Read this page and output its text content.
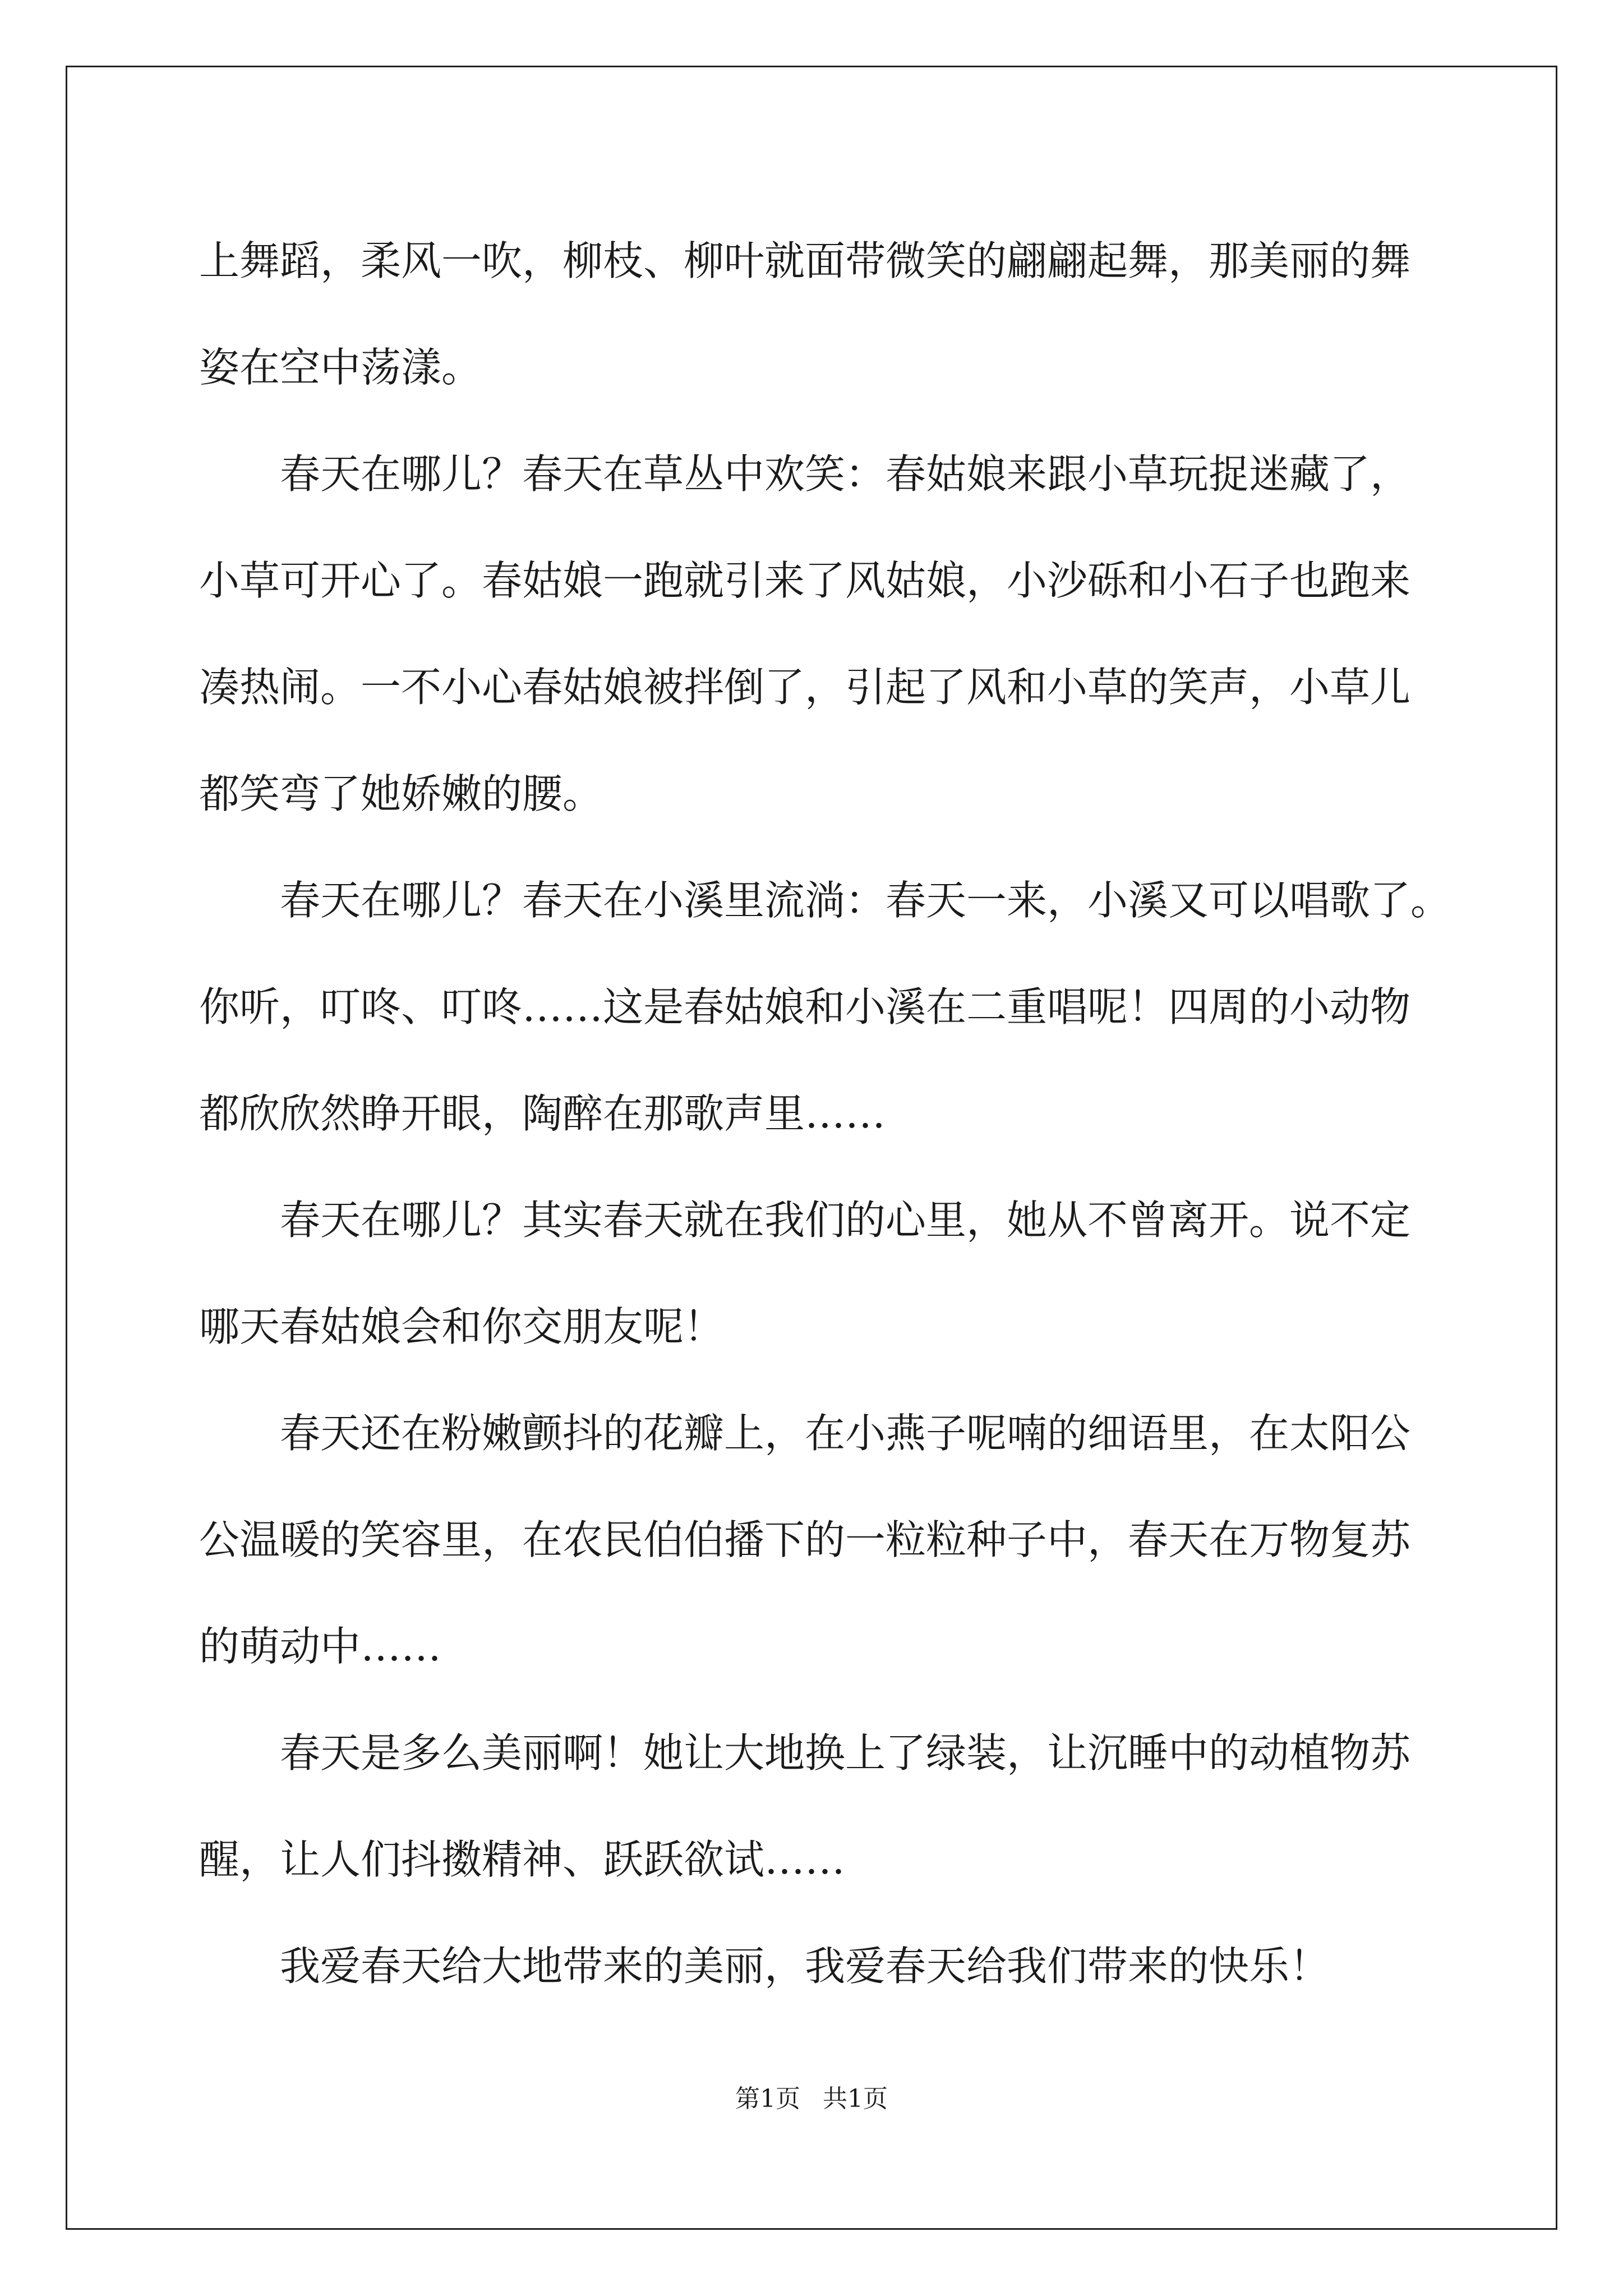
上舞蹈，柔风一吹，柳枝、柳叶就面带微笑的翩翩起舞，那美丽的舞
姿在空中荡漾。

春天在哪儿？春天在草丛中欢笑：春姑娘来跟小草玩捉迷藏了，
小草可开心了。春姑娘一跑就引来了风姑娘，小沙砾和小石子也跑来
凑热闹。一不小心春姑娘被拌倒了，引起了风和小草的笑声，小草儿
都笑弯了她娇嫩的腰。

春天在哪儿？春天在小溪里流淌：春天一来，小溪又可以唱歌了。
你听，叮咚、叮咚……这是春姑娘和小溪在二重唱呢！四周的小动物
都欣欣然睁开眼，陶醉在那歌声里……

春天在哪儿？其实春天就在我们的心里，她从不曾离开。说不定
哪天春姑娘会和你交朋友呢！

春天还在粉嫩颤抖的花瓣上，在小燕子呢喃的细语里，在太阳公
公温暖的笑容里，在农民伯伯播下的一粒粒种子中，春天在万物复苏
的萌动中……

春天是多么美丽啊！她让大地换上了绿装，让沉睡中的动植物苏
醒，让人们抖擞精神、跃跃欲试……

我爱春天给大地带来的美丽，我爱春天给我们带来的快乐！

第1页 共1页
